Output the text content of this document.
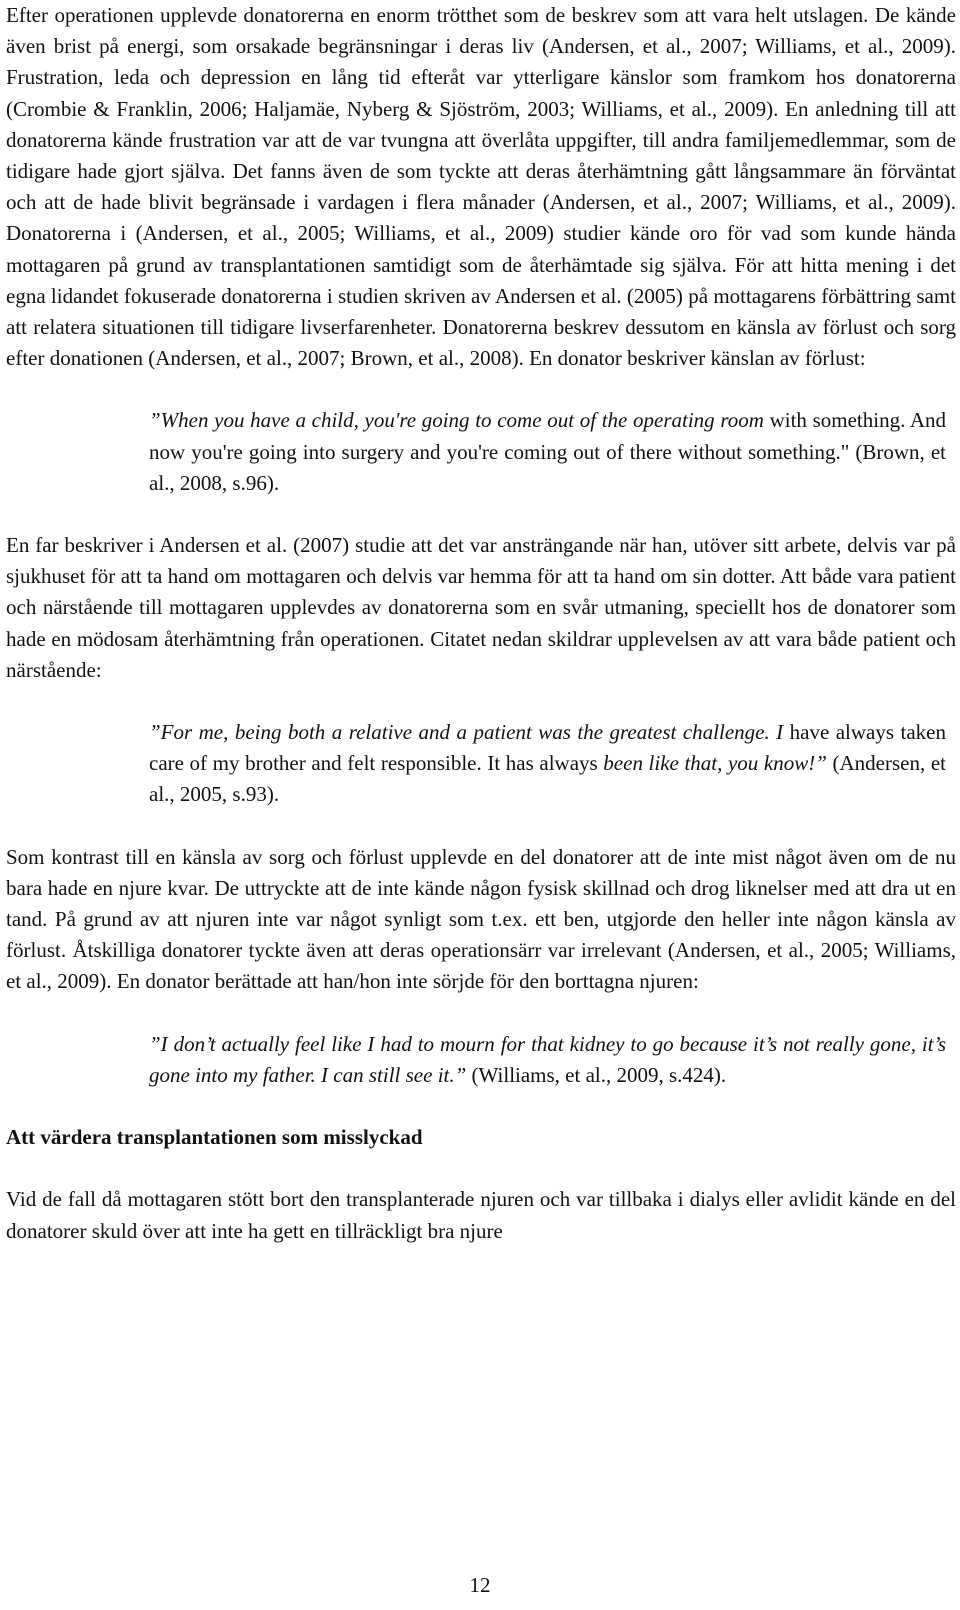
Efter operationen upplevde donatorerna en enorm trötthet som de beskrev som att vara helt utslagen. De kände även brist på energi, som orsakade begränsningar i deras liv (Andersen, et al., 2007; Williams, et al., 2009). Frustration, leda och depression en lång tid efteråt var ytterligare känslor som framkom hos donatorerna (Crombie & Franklin, 2006; Haljamäe, Nyberg & Sjöström, 2003; Williams, et al., 2009). En anledning till att donatorerna kände frustration var att de var tvungna att överlåta uppgifter, till andra familjemedlemmar, som de tidigare hade gjort själva. Det fanns även de som tyckte att deras återhämtning gått långsammare än förväntat och att de hade blivit begränsade i vardagen i flera månader (Andersen, et al., 2007; Williams, et al., 2009). Donatorerna i (Andersen, et al., 2005; Williams, et al., 2009) studier kände oro för vad som kunde hända mottagaren på grund av transplantationen samtidigt som de återhämtade sig själva. För att hitta mening i det egna lidandet fokuserade donatorerna i studien skriven av Andersen et al. (2005) på mottagarens förbättring samt att relatera situationen till tidigare livserfarenheter. Donatorerna beskrev dessutom en känsla av förlust och sorg efter donationen (Andersen, et al., 2007; Brown, et al., 2008). En donator beskriver känslan av förlust:

”When you have a child, you're going to come out of the operating room with something. And now you're going into surgery and you're coming out of there without something." (Brown, et al., 2008, s.96).

En far beskriver i Andersen et al. (2007) studie att det var ansträngande när han, utöver sitt arbete, delvis var på sjukhuset för att ta hand om mottagaren och delvis var hemma för att ta hand om sin dotter. Att både vara patient och närstående till mottagaren upplevdes av donatorerna som en svår utmaning, speciellt hos de donatorer som hade en mödosam återhämtning från operationen. Citatet nedan skildrar upplevelsen av att vara både patient och närstående:

”For me, being both a relative and a patient was the greatest challenge. I have always taken care of my brother and felt responsible. It has always been like that, you know!” (Andersen, et al., 2005, s.93).

Som kontrast till en känsla av sorg och förlust upplevde en del donatorer att de inte mist något även om de nu bara hade en njure kvar. De uttryckte att de inte kände någon fysisk skillnad och drog liknelser med att dra ut en tand. På grund av att njuren inte var något synligt som t.ex. ett ben, utgjorde den heller inte någon känsla av förlust. Åtskilliga donatorer tyckte även att deras operationsärr var irrelevant (Andersen, et al., 2005; Williams, et al., 2009). En donator berättade att han/hon inte sörjde för den borttagna njuren:

”I don’t actually feel like I had to mourn for that kidney to go because it’s not really gone, it’s gone into my father. I can still see it.” (Williams, et al., 2009, s.424).
Att värdera transplantationen som misslyckad

Vid de fall då mottagaren stött bort den transplanterade njuren och var tillbaka i dialys eller avlidit kände en del donatorer skuld över att inte ha gett en tillräckligt bra njure

12
